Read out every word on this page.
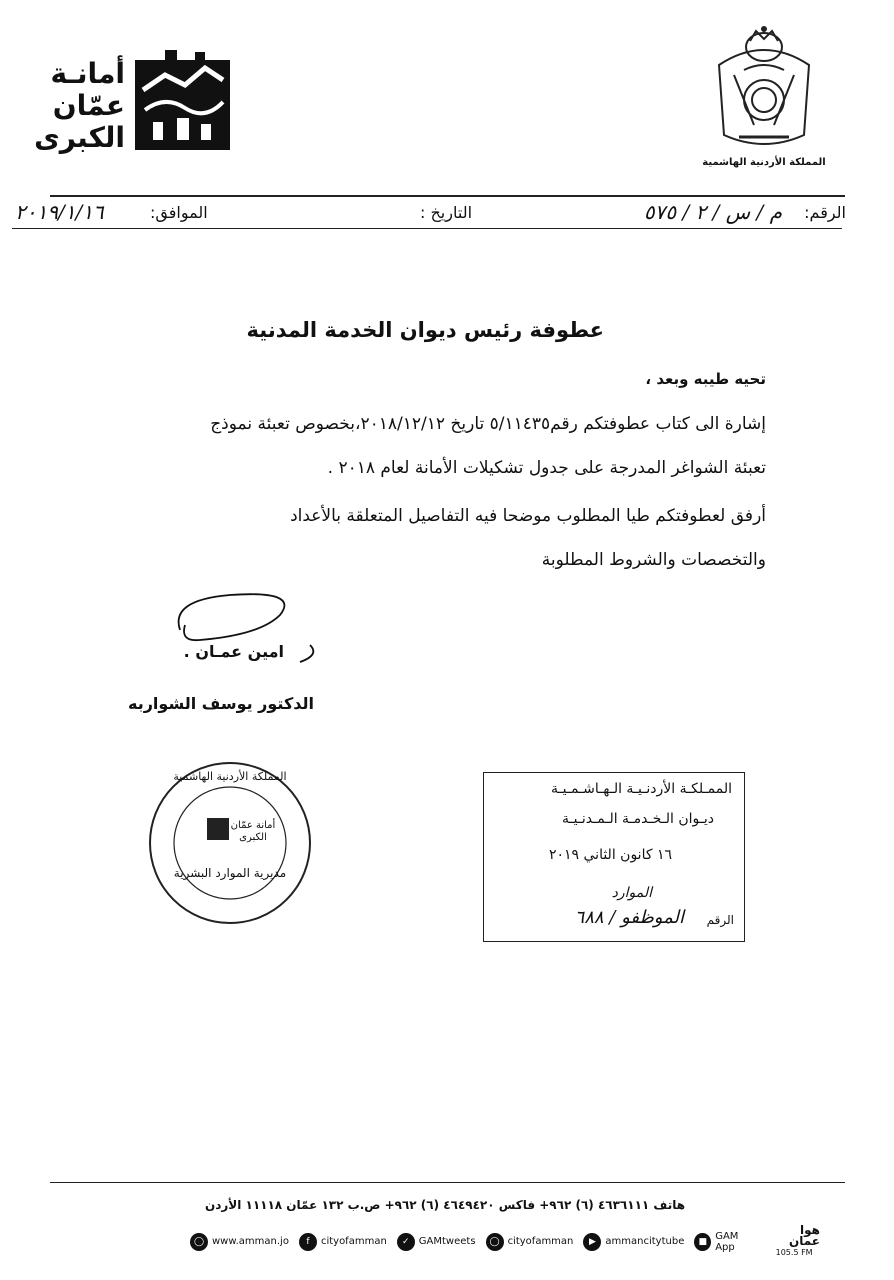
أمانـة عمّان الكبرى
المملكة الأردنية الهاشمية
الرقم:
م / س / ٢ / ٥٧٥
التاريخ :
الموافق:
٢٠١٩/١/١٦
عطوفة رئيس ديوان الخدمة المدنية
تحيه طيبه وبعد ،
إشارة الى كتاب عطوفتكم رقم٥/١١٤٣٥ تاريخ ٢٠١٨/١٢/١٢،بخصوص تعبئة نموذج
تعبئة الشواغر المدرجة على جدول تشكيلات الأمانة لعام ٢٠١٨ .
أرفق لعطوفتكم طيا المطلوب موضحا فيه التفاصيل المتعلقة بالأعداد
والتخصصات والشروط المطلوبة
امين عمـان .
الدكتور يوسف الشواربه
المملكة الأردنية الهاشمية
أمانة عمّان الكبرى
مديرية الموارد البشرية
الممـلكـة الأردنـيـة الـهـاشـمـيـة
ديـوان الـخـدمـة الـمـدنـيـة
١٦ كانون الثاني ٢٠١٩
الموارد
الرقم
الموظفو / ٦٨٨
هاتف ٤٦٣٦١١١ (٦) ٩٦٢+ فاكس ٤٦٤٩٤٢٠ (٦) ٩٦٢+ ص.ب ١٣٢ عمّان ١١١١٨ الأردن
◯ www.amman.jo	f	cityofamman	✓ GAMtweets	◯ cityofamman	▶ ammancitytube	■ GAM App
هوا عمان
105.5 FM
